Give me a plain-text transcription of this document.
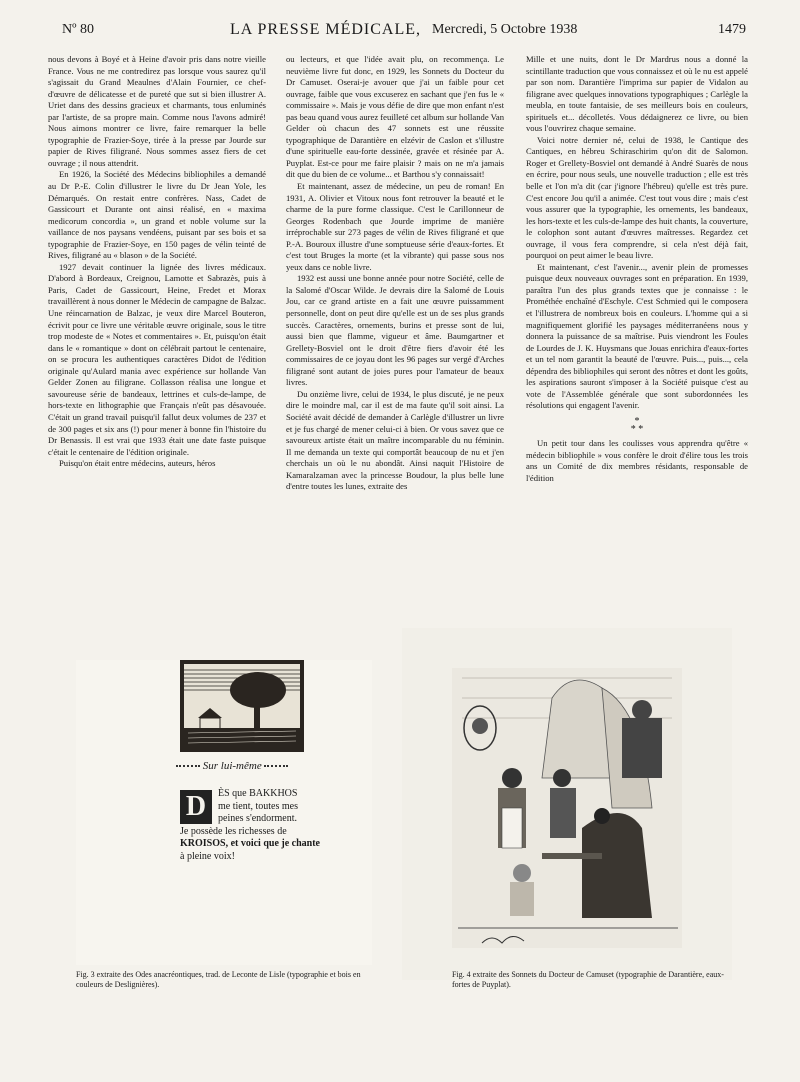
Nº 80	LA PRESSE MÉDICALE, Mercredi, 5 Octobre 1938	1479

nous devons à Boyé et à Heine d'avoir pris dans notre vieille France. Vous ne me contredirez pas lorsque vous saurez qu'il s'agissait du Grand Meaulnes d'Alain Fournier, ce chef-d'œuvre de délicatesse et de pureté que sut si bien illustrer A. Uriet dans des dessins gracieux et charmants, tous enluminés par l'artiste, de sa propre main. Comme nous l'avons admiré! Nous aimons montrer ce livre, faire remarquer la belle typographie de Frazier-Soye, tirée à la presse par Jourde sur papier de Rives filigrané. Nous sommes assez fiers de cet ouvrage ; il nous attendrit.

En 1926, la Société des Médecins bibliophiles a demandé au Dr P.-E. Colin d'illustrer le livre du Dr Jean Yole, les Démarqués. On restait entre confrères. Nass, Cadet de Gassicourt et Durante ont ainsi réalisé, en « maxima medicorum concordia », un grand et noble volume sur la vaillance de nos paysans vendéens, puisant par ses bois et sa typographie de Frazier-Soye, en 150 pages de vélin teinté de Rives, filigrané au « blason » de la Société.

1927 devait continuer la lignée des livres médicaux. D'abord à Bordeaux, Creignou, Lamotte et Sabrazès, puis à Paris, Cadet de Gassicourt, Heine, Fredet et Morax travaillèrent à nous donner le Médecin de campagne de Balzac. Une réincarnation de Balzac, je veux dire Marcel Bouteron, écrivit pour ce livre une véritable œuvre originale, sous le titre trop modeste de « Notes et commentaires ». Et, puisqu'on était dans le « romantique » dont on célébrait partout le centenaire, on se procura les authentiques caractères Didot de l'édition originale qu'Aulard mania avec expérience sur hollande Van Gelder Zonen au filigrane. Collasson réalisa une longue et savoureuse série de bandeaux, lettrines et culs-de-lampe, de hors-texte en lithographie que Français n'eût pas désavouée. C'était un grand travail puisqu'il fallut deux volumes de 237 et de 300 pages et six ans (!) pour mener à bonne fin l'histoire du Dr Benassis. Il est vrai que 1933 était une date faste puisque c'était le centenaire de l'édition originale.

Puisqu'on était entre médecins, auteurs, héros

ou lecteurs, et que l'idée avait plu, on recommença. Le neuvième livre fut donc, en 1929, les Sonnets du Docteur du Dr Camuset. Oserai-je avouer que j'ai un faible pour cet ouvrage, faible que vous excuserez en sachant que j'en fus le « commissaire ». Mais je vous défie de dire que mon enfant n'est pas beau quand vous aurez feuilleté cet album sur hollande Van Gelder où chacun des 47 sonnets est une réussite typographique de Darantière en elzévir de Caslon et s'illustre d'une spirituelle eau-forte dessinée, gravée et résinée par A. Puyplat. Est-ce pour me faire plaisir ? mais on ne m'a jamais dit que du bien de ce volume... et Barthou s'y connaissait!

Et maintenant, assez de médecine, un peu de roman! En 1931, A. Olivier et Vitoux nous font retrouver la beauté et le charme de la pure forme classique. C'est le Carillonneur de Georges Rodenbach que Jourde imprime de manière irréprochable sur 273 pages de vélin de Rives filigrané et que P.-A. Bouroux illustre d'une somptueuse série d'eaux-fortes. Et c'est tout Bruges la morte (et la vibrante) qui passe sous nos yeux dans ce noble livre.

1932 est aussi une bonne année pour notre Société, celle de la Salomé d'Oscar Wilde. Je devrais dire la Salomé de Louis Jou, car ce grand artiste en a fait une œuvre puissamment personnelle, dont on peut dire qu'elle est un de ses plus grands succès. Caractères, ornements, burins et presse sont de lui, aussi bien que flamme, vigueur et âme. Baumgartner et Grellety-Bosviel ont le droit d'être fiers d'avoir été les commissaires de ce joyau dont les 96 pages sur vergé d'Arches filigrané sont autant de joies pures pour l'amateur de beaux livres.

Du onzième livre, celui de 1934, le plus discuté, je ne peux dire le moindre mal, car il est de ma faute qu'il soit ainsi. La Société avait décidé de demander à Carlègle d'illustrer un livre et je fus chargé de mener celui-ci à bien. Or vous savez que ce savoureux artiste était un maître incomparable du nu féminin. Il me demanda un texte qui comportât beaucoup de nu et j'en cherchais un où le nu abondât. Ainsi naquit l'Histoire de Kamaralzaman avec la princesse Boudour, la plus belle lune d'entre toutes les lunes, extraite des

Mille et une nuits, dont le Dr Mardrus nous a donné la scintillante traduction que vous connaissez et où le nu est appelé par son nom. Darantière l'imprima sur papier de Vidalon au filigrane avec quelques innovations typographiques ; Carlègle la meubla, en toute fantaisie, de ses meilleurs bois en couleurs, spirituels et... décolletés. Vous dédaignerez ce livre, ou bien vous l'ouvrirez chaque semaine.

Voici notre dernier né, celui de 1938, le Cantique des Cantiques, en hébreu Schiraschirim qu'on dit de Salomon. Roger et Grellety-Bosviel ont demandé à André Suarès de nous en écrire, pour nous seuls, une nouvelle traduction ; elle est très belle et l'on m'a dit (car j'ignore l'hébreu) qu'elle est très pure. C'est encore Jou qu'il a animée. C'est tout vous dire ; mais c'est vous assurer que la typographie, les ornements, les bandeaux, les hors-texte et les culs-de-lampe des huit chants, la couverture, le colophon sont autant d'œuvres maîtresses. Regardez cet ouvrage, il vous fera comprendre, si cela n'est déjà fait, pourquoi on peut aimer le beau livre.

Et maintenant, c'est l'avenir..., avenir plein de promesses puisque deux nouveaux ouvrages sont en préparation. En 1939, paraîtra l'un des plus grands textes que je connaisse : le Prométhée enchaîné d'Eschyle. C'est Schmied qui le composera et l'illustrera de nombreux bois en couleurs. L'homme qui a si magnifiquement glorifié les paysages méditerranéens nous y donnera la puissance de sa maîtrise. Puis viendront les Foules de Lourdes de J. K. Huysmans que Jouas enrichira d'eaux-fortes et un tel nom garantit la beauté de l'œuvre. Puis..., puis..., cela dépendra des bibliophiles qui seront des nôtres et dont les goûts, les aspirations sauront s'imposer à la Société puisque c'est au vote de l'Assemblée générale que sont subordonnées les résolutions qui engagent l'avenir.

*
* *

Un petit tour dans les coulisses vous apprendra qu'être « médecin bibliophile » vous confère le droit d'élire tous les trois ans un Comité de dix membres résidants, responsable de l'édition

Sur lui-même
D	ÈS que BAKKHOS
me tient, toutes mes
peines s'endorment.
Je possède les richesses de
KROISOS, et voici que je chante
à pleine voix!
Fig. 3 extraite des Odes anacréontiques, trad. de Leconte de Lisle (typographie et bois en couleurs de Deslignières).
Fig. 4 extraite des Sonnets du Docteur de Camuset (typographie de Darantière, eaux-fortes de Puyplat).
